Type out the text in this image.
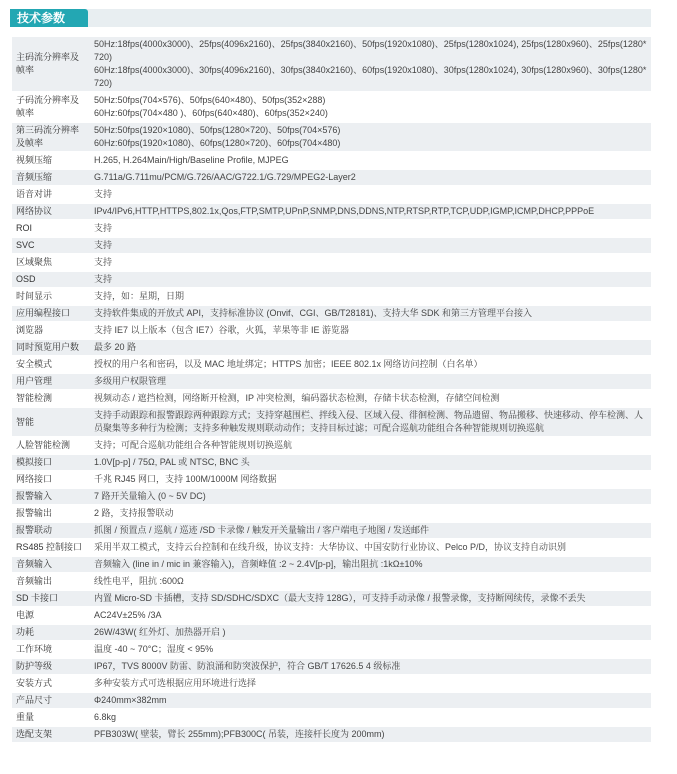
技术参数
主码流分辨率及帧率	50Hz:18fps(4000x3000)、25fps(4096x2160)、25fps(3840x2160)、50fps(1920x1080)、25fps(1280x1024), 25fps(1280x960)、25fps(1280*720)
60Hz:18fps(4000x3000)、30fps(4096x2160)、30fps(3840x2160)、60fps(1920x1080)、30fps(1280x1024), 30fps(1280x960)、30fps(1280*720)

子码流分辨率及帧率	50Hz:50fps(704×576)、50fps(640×480)、50fps(352×288)
60Hz:60fps(704×480 )、60fps(640×480)、60fps(352×240)

第三码流分辨率及帧率	50Hz:50fps(1920×1080)、50fps(1280×720)、50fps(704×576)
60Hz:60fps(1920×1080)、60fps(1280×720)、60fps(704×480)

视频压缩	H.265, H.264Main/High/Baseline Profile, MJPEG

音频压缩	G.711a/G.711mu/PCM/G.726/AAC/G722.1/G.729/MPEG2-Layer2

语音对讲	支持

网络协议	IPv4/IPv6,HTTP,HTTPS,802.1x,Qos,FTP,SMTP,UPnP,SNMP,DNS,DDNS,NTP,RTSP,RTP,TCP,UDP,IGMP,ICMP,DHCP,PPPoE

ROI	支持

SVC	支持

区域聚焦	支持

OSD	支持

时间显示	支持，如：星期，日期

应用编程接口	支持软件集成的开放式 API，支持标准协议 (Onvif、CGI、GB/T28181)、支持大华 SDK 和第三方管理平台接入

浏览器	支持 IE7 以上版本（包含 IE7）谷歌，火狐，苹果等非 IE 游览器

同时预览用户数	最多 20 路

安全模式	授权的用户名和密码，以及 MAC 地址绑定；HTTPS 加密；IEEE 802.1x 网络访问控制（白名单）

用户管理	多级用户权限管理

智能检测	视频动态 / 遮挡检测，网络断开检测，IP 冲突检测，编码器状态检测，存储卡状态检测，存储空间检测

智能	支持手动跟踪和报警跟踪两种跟踪方式；支持穿越围栏、拌线入侵、区域入侵、徘徊检测、物品遗留、物品搬移、快速移动、停车检测、人员聚集等多种行为检测；支持多种触发规则联动动作；支持目标过滤；可配合巡航功能组合各种智能规则切换巡航

人脸智能检测	支持；可配合巡航功能组合各种智能规则切换巡航

模拟接口	1.0V[p-p] / 75Ω, PAL 或 NTSC, BNC 头

网络接口	千兆 RJ45 网口，支持 100M/1000M 网络数据

报警输入	7 路开关量输入 (0 ~ 5V DC)

报警输出	2 路，支持报警联动

报警联动	抓图 / 预置点 / 巡航 / 巡迹 /SD 卡录像 / 触发开关量输出 / 客户端电子地图 / 发送邮件

RS485 控制接口	采用半双工模式，支持云台控制和在线升级，协议支持：大华协议、中国安防行业协议、Pelco P/D，协议支持自动识别

音频输入	音频输入 (line in / mic in 兼容输入)，音频峰值 :2 ~ 2.4V[p-p]，输出阻抗 :1kΩ±10%

音频输出	线性电平，阻抗 :600Ω

SD 卡接口	内置 Micro-SD 卡插槽，支持 SD/SDHC/SDXC（最大支持 128G），可支持手动录像 / 报警录像，支持断网续传，录像不丢失

电源	AC24V±25% /3A

功耗	26W/43W( 红外灯、加热器开启 )

工作环境	温度 -40 ~ 70°C；湿度 < 95%

防护等级	IP67，TVS 8000V 防雷、防浪涌和防突波保护，符合 GB/T 17626.5 4 级标准

安装方式	多种安装方式可选根据应用环境进行选择

产品尺寸	Φ240mm×382mm

重量	6.8kg

选配支架	PFB303W( 壁装，臂长 255mm);PFB300C( 吊装，连接杆长度为 200mm)
